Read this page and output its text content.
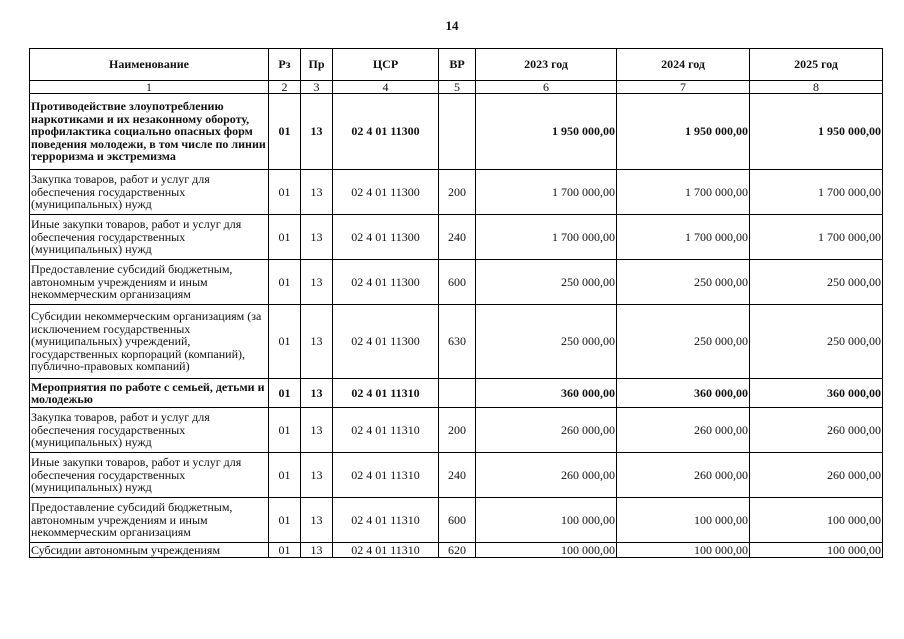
14
Наименование	Рз	Пр	ЦСР	ВР	2023 год	2024 год	2025 год
1	2	3	4	5	6	7	8
Противодействие злоупотреблению наркотиками и их незаконному обороту, профилактика социально опасных форм поведения молодежи, в том числе по линии терроризма и экстремизма	01	13	02 4 01 11300		1 950 000,00	1 950 000,00	1 950 000,00
Закупка товаров, работ и услуг для обеспечения государственных (муниципальных) нужд	01	13	02 4 01 11300	200	1 700 000,00	1 700 000,00	1 700 000,00
Иные закупки товаров, работ и услуг для обеспечения государственных (муниципальных) нужд	01	13	02 4 01 11300	240	1 700 000,00	1 700 000,00	1 700 000,00
Предоставление субсидий бюджетным, автономным учреждениям и иным некоммерческим организациям	01	13	02 4 01 11300	600	250 000,00	250 000,00	250 000,00
Субсидии некоммерческим организациям (за исключением государственных (муниципальных) учреждений, государственных корпораций (компаний), публично-правовых компаний)	01	13	02 4 01 11300	630	250 000,00	250 000,00	250 000,00
Мероприятия по работе с семьей, детьми и молодежью	01	13	02 4 01 11310		360 000,00	360 000,00	360 000,00
Закупка товаров, работ и услуг для обеспечения государственных (муниципальных) нужд	01	13	02 4 01 11310	200	260 000,00	260 000,00	260 000,00
Иные закупки товаров, работ и услуг для обеспечения государственных (муниципальных) нужд	01	13	02 4 01 11310	240	260 000,00	260 000,00	260 000,00
Предоставление субсидий бюджетным, автономным учреждениям и иным некоммерческим организациям	01	13	02 4 01 11310	600	100 000,00	100 000,00	100 000,00
Субсидии автономным учреждениям	01	13	02 4 01 11310	620	100 000,00	100 000,00	100 000,00
